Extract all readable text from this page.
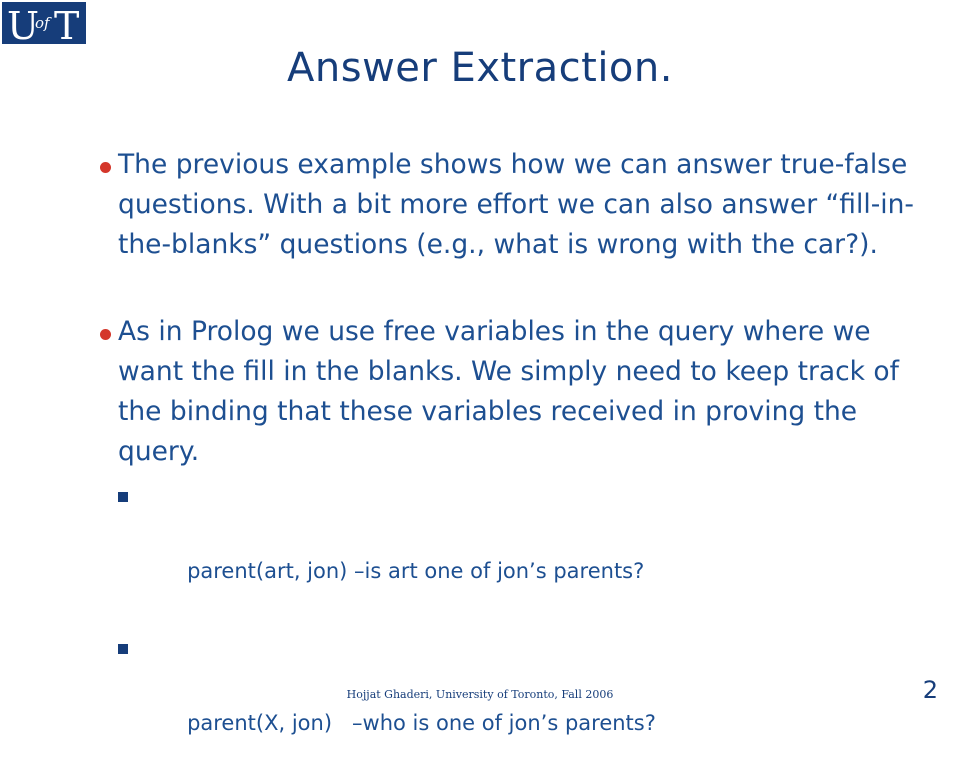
U
of T
Answer Extraction.
The previous example shows how we can answer true-false questions. With a bit more effort we can also answer “fill-in-the-blanks” questions (e.g., what is wrong with the car?).
As in Prolog we use free variables in the query where we want the fill in the blanks. We simply need to keep track of the binding that these variables received in proving the query.

parent(art, jon) –is art one of jon’s parents?

parent(X, jon)   –who is one of jon’s parents?

Hojjat Ghaderi, University of Toronto, Fall 2006	2
